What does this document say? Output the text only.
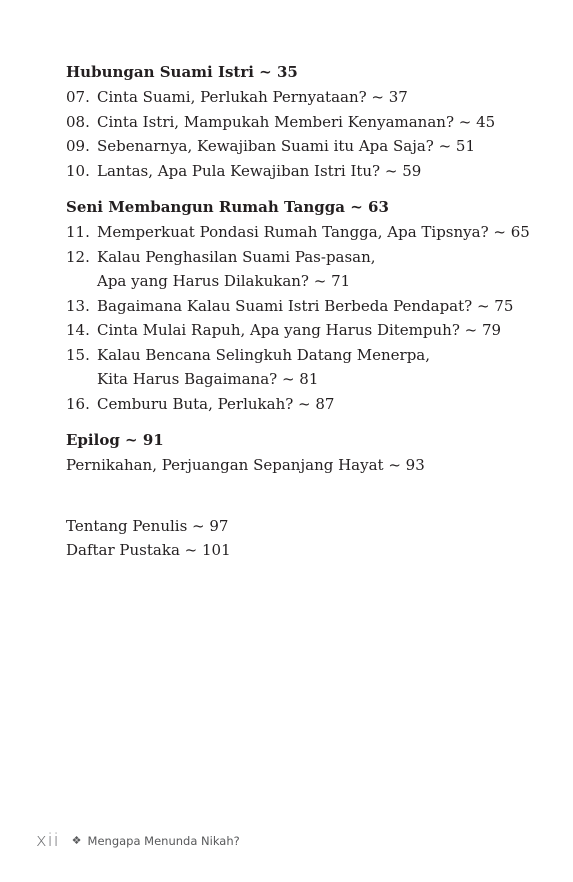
Hubungan Suami Istri ~ 35
07. Cinta Suami, Perlukah Pernyataan? ~ 37
08. Cinta Istri, Mampukah Memberi Kenyamanan? ~ 45
09. Sebenarnya, Kewajiban Suami itu Apa Saja? ~ 51
10. Lantas, Apa Pula Kewajiban Istri Itu? ~ 59
Seni Membangun Rumah Tangga ~ 63
11. Memperkuat Pondasi Rumah Tangga, Apa Tipsnya? ~ 65
12. Kalau Penghasilan Suami Pas-pasan,
Apa yang Harus Dilakukan? ~ 71
13. Bagaimana Kalau Suami Istri Berbeda Pendapat? ~ 75
14. Cinta Mulai Rapuh, Apa yang Harus Ditempuh? ~ 79
15. Kalau Bencana Selingkuh Datang Menerpa,
Kita Harus Bagaimana? ~ 81
16. Cemburu Buta, Perlukah? ~ 87
Epilog ~ 91
Pernikahan, Perjuangan Sepanjang Hayat ~ 93
Tentang Penulis ~ 97
Daftar Pustaka ~ 101
xii ❖ Mengapa Menunda Nikah?
